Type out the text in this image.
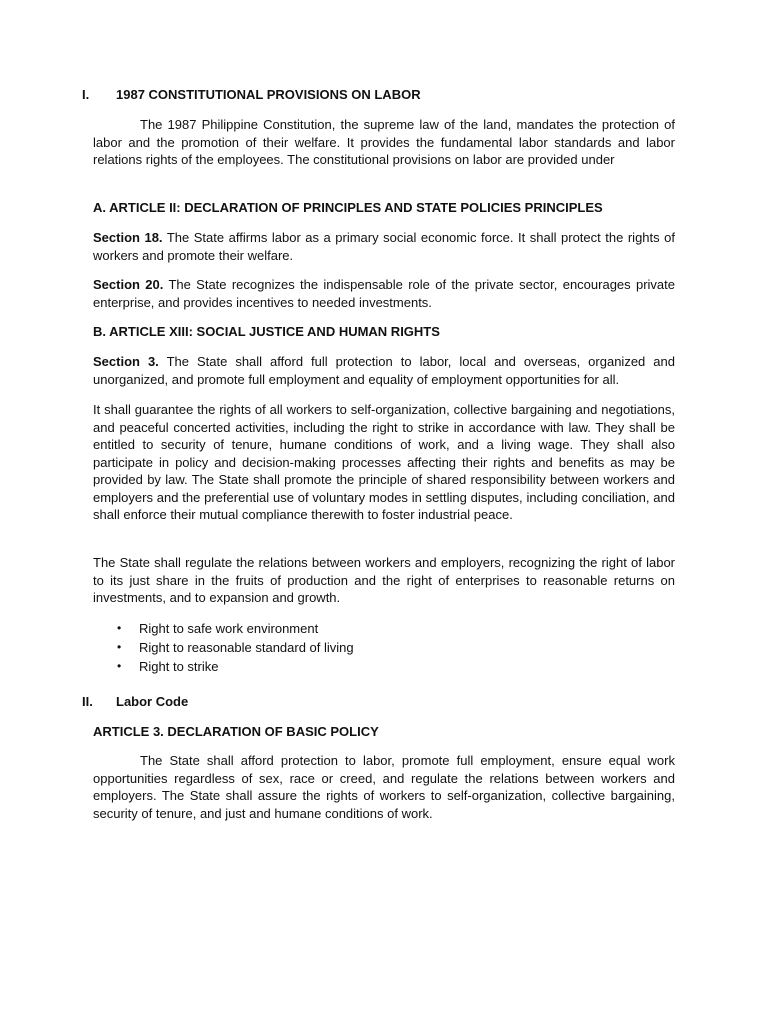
I. 1987 CONSTITUTIONAL PROVISIONS ON LABOR

The 1987 Philippine Constitution, the supreme law of the land, mandates the protection of labor and the promotion of their welfare. It provides the fundamental labor standards and labor relations rights of the employees. The constitutional provisions on labor are provided under

A. ARTICLE II: DECLARATION OF PRINCIPLES AND STATE POLICIES PRINCIPLES

Section 18. The State affirms labor as a primary social economic force. It shall protect the rights of workers and promote their welfare.

Section 20. The State recognizes the indispensable role of the private sector, encourages private enterprise, and provides incentives to needed investments.

B. ARTICLE XIII: SOCIAL JUSTICE AND HUMAN RIGHTS

Section 3. The State shall afford full protection to labor, local and overseas, organized and unorganized, and promote full employment and equality of employment opportunities for all.

It shall guarantee the rights of all workers to self-organization, collective bargaining and negotiations, and peaceful concerted activities, including the right to strike in accordance with law. They shall be entitled to security of tenure, humane conditions of work, and a living wage. They shall also participate in policy and decision-making processes affecting their rights and benefits as may be provided by law. The State shall promote the principle of shared responsibility between workers and employers and the preferential use of voluntary modes in settling disputes, including conciliation, and shall enforce their mutual compliance therewith to foster industrial peace.

The State shall regulate the relations between workers and employers, recognizing the right of labor to its just share in the fruits of production and the right of enterprises to reasonable returns on investments, and to expansion and growth.

• Right to safe work environment
• Right to reasonable standard of living
• Right to strike
II. Labor Code
ARTICLE 3. DECLARATION OF BASIC POLICY

The State shall afford protection to labor, promote full employment, ensure equal work opportunities regardless of sex, race or creed, and regulate the relations between workers and employers. The State shall assure the rights of workers to self-organization, collective bargaining, security of tenure, and just and humane conditions of work.
